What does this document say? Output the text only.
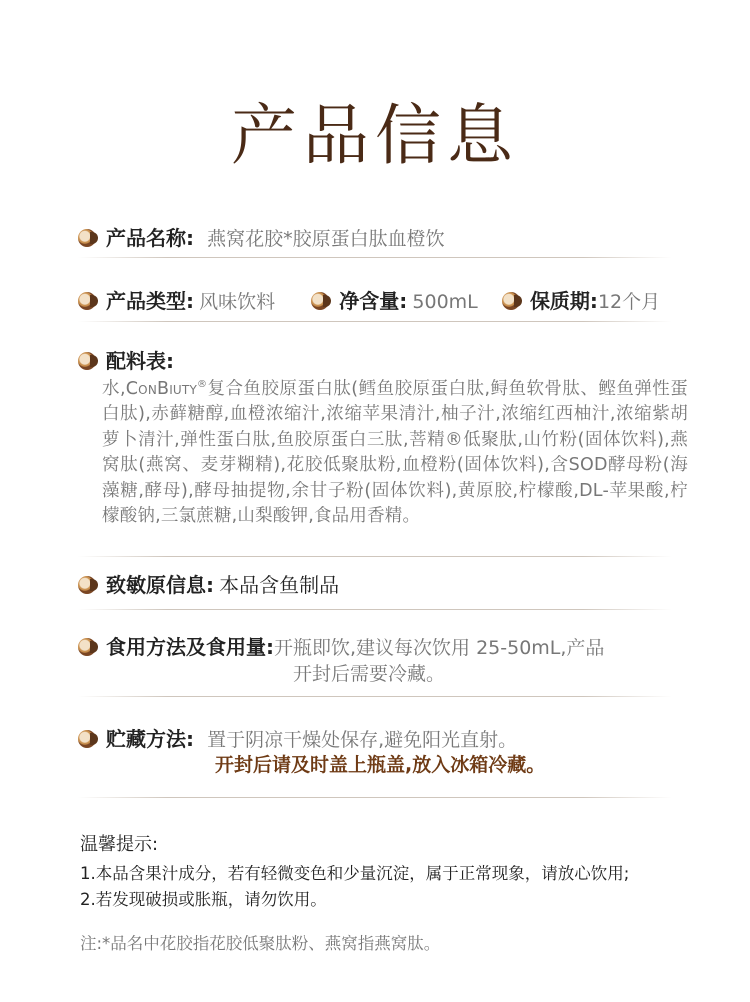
产品信息
产品名称: 燕窝花胶*胶原蛋白肽血橙饮
产品类型: 风味饮料	净含量: 500mL	保质期:12个月
配料表:
水,ConBiuty®复合鱼胶原蛋白肽(鳕鱼胶原蛋白肽,鲟鱼软骨肽、鲣鱼弹性蛋白肽),赤藓糖醇,血橙浓缩汁,浓缩苹果清汁,柚子汁,浓缩红西柚汁,浓缩紫胡萝卜清汁,弹性蛋白肽,鱼胶原蛋白三肽,菩精®低聚肽,山竹粉(固体饮料),燕窝肽(燕窝、麦芽糊精),花胶低聚肽粉,血橙粉(固体饮料),含SOD酵母粉(海藻糖,酵母),酵母抽提物,余甘子粉(固体饮料),黄原胶,柠檬酸,DL-苹果酸,柠檬酸钠,三氯蔗糖,山梨酸钾,食品用香精。
致敏原信息: 本品含鱼制品
食用方法及食用量:开瓶即饮,建议每次饮用 25-50mL,产品
开封后需要冷藏。
贮藏方法: 置于阴凉干燥处保存,避免阳光直射。
开封后请及时盖上瓶盖,放入冰箱冷藏。
温馨提示:
1.本品含果汁成分，若有轻微变色和少量沉淀，属于正常现象，请放心饮用;
2.若发现破损或胀瓶，请勿饮用。
注:*品名中花胶指花胶低聚肽粉、燕窝指燕窝肽。
